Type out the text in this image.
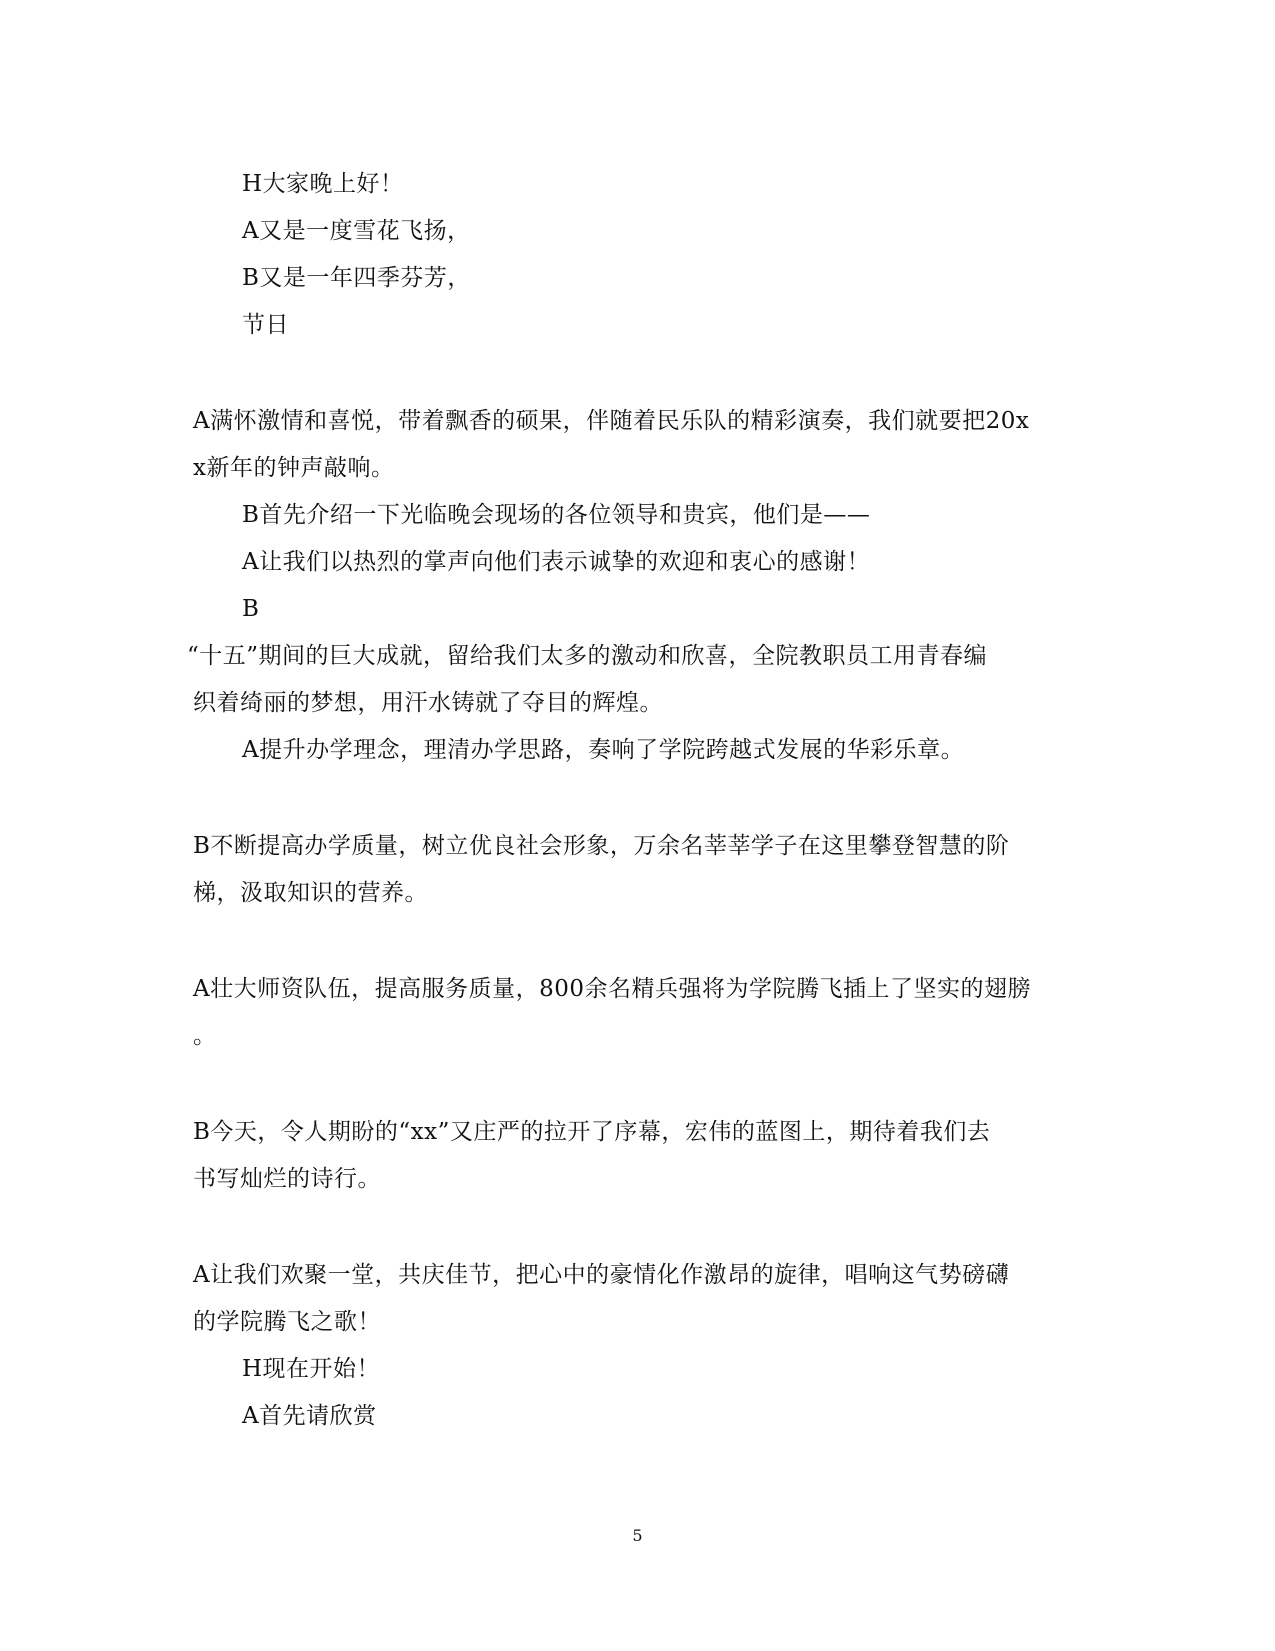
H大家晚上好！
A又是一度雪花飞扬，
B又是一年四季芬芳，
节日
A满怀激情和喜悦，带着飘香的硕果，伴随着民乐队的精彩演奏，我们就要把20x
x新年的钟声敲响。
B首先介绍一下光临晚会现场的各位领导和贵宾，他们是——
A让我们以热烈的掌声向他们表示诚挚的欢迎和衷心的感谢！
B
“十五”期间的巨大成就，留给我们太多的激动和欣喜，全院教职员工用青春编
织着绮丽的梦想，用汗水铸就了夺目的辉煌。
A提升办学理念，理清办学思路，奏响了学院跨越式发展的华彩乐章。
B不断提高办学质量，树立优良社会形象，万余名莘莘学子在这里攀登智慧的阶
梯，汲取知识的营养。
A壮大师资队伍，提高服务质量，800余名精兵强将为学院腾飞插上了坚实的翅膀
。
B今天，令人期盼的“xx”又庄严的拉开了序幕，宏伟的蓝图上，期待着我们去
书写灿烂的诗行。
A让我们欢聚一堂，共庆佳节，把心中的豪情化作激昂的旋律，唱响这气势磅礴
的学院腾飞之歌！
H现在开始！
A首先请欣赏
5
